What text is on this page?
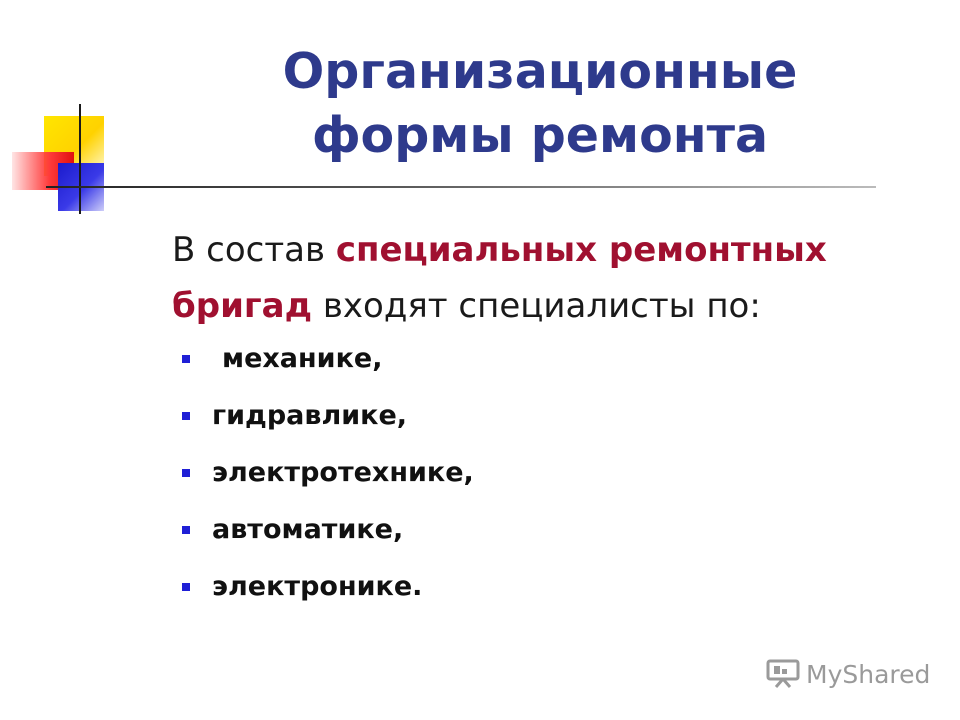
Организационные
формы ремонта
В состав специальных ремонтных
бригад входят специалисты по:
механике,
гидравлике,
электротехнике,
автоматике,
электронике.
MyShared
